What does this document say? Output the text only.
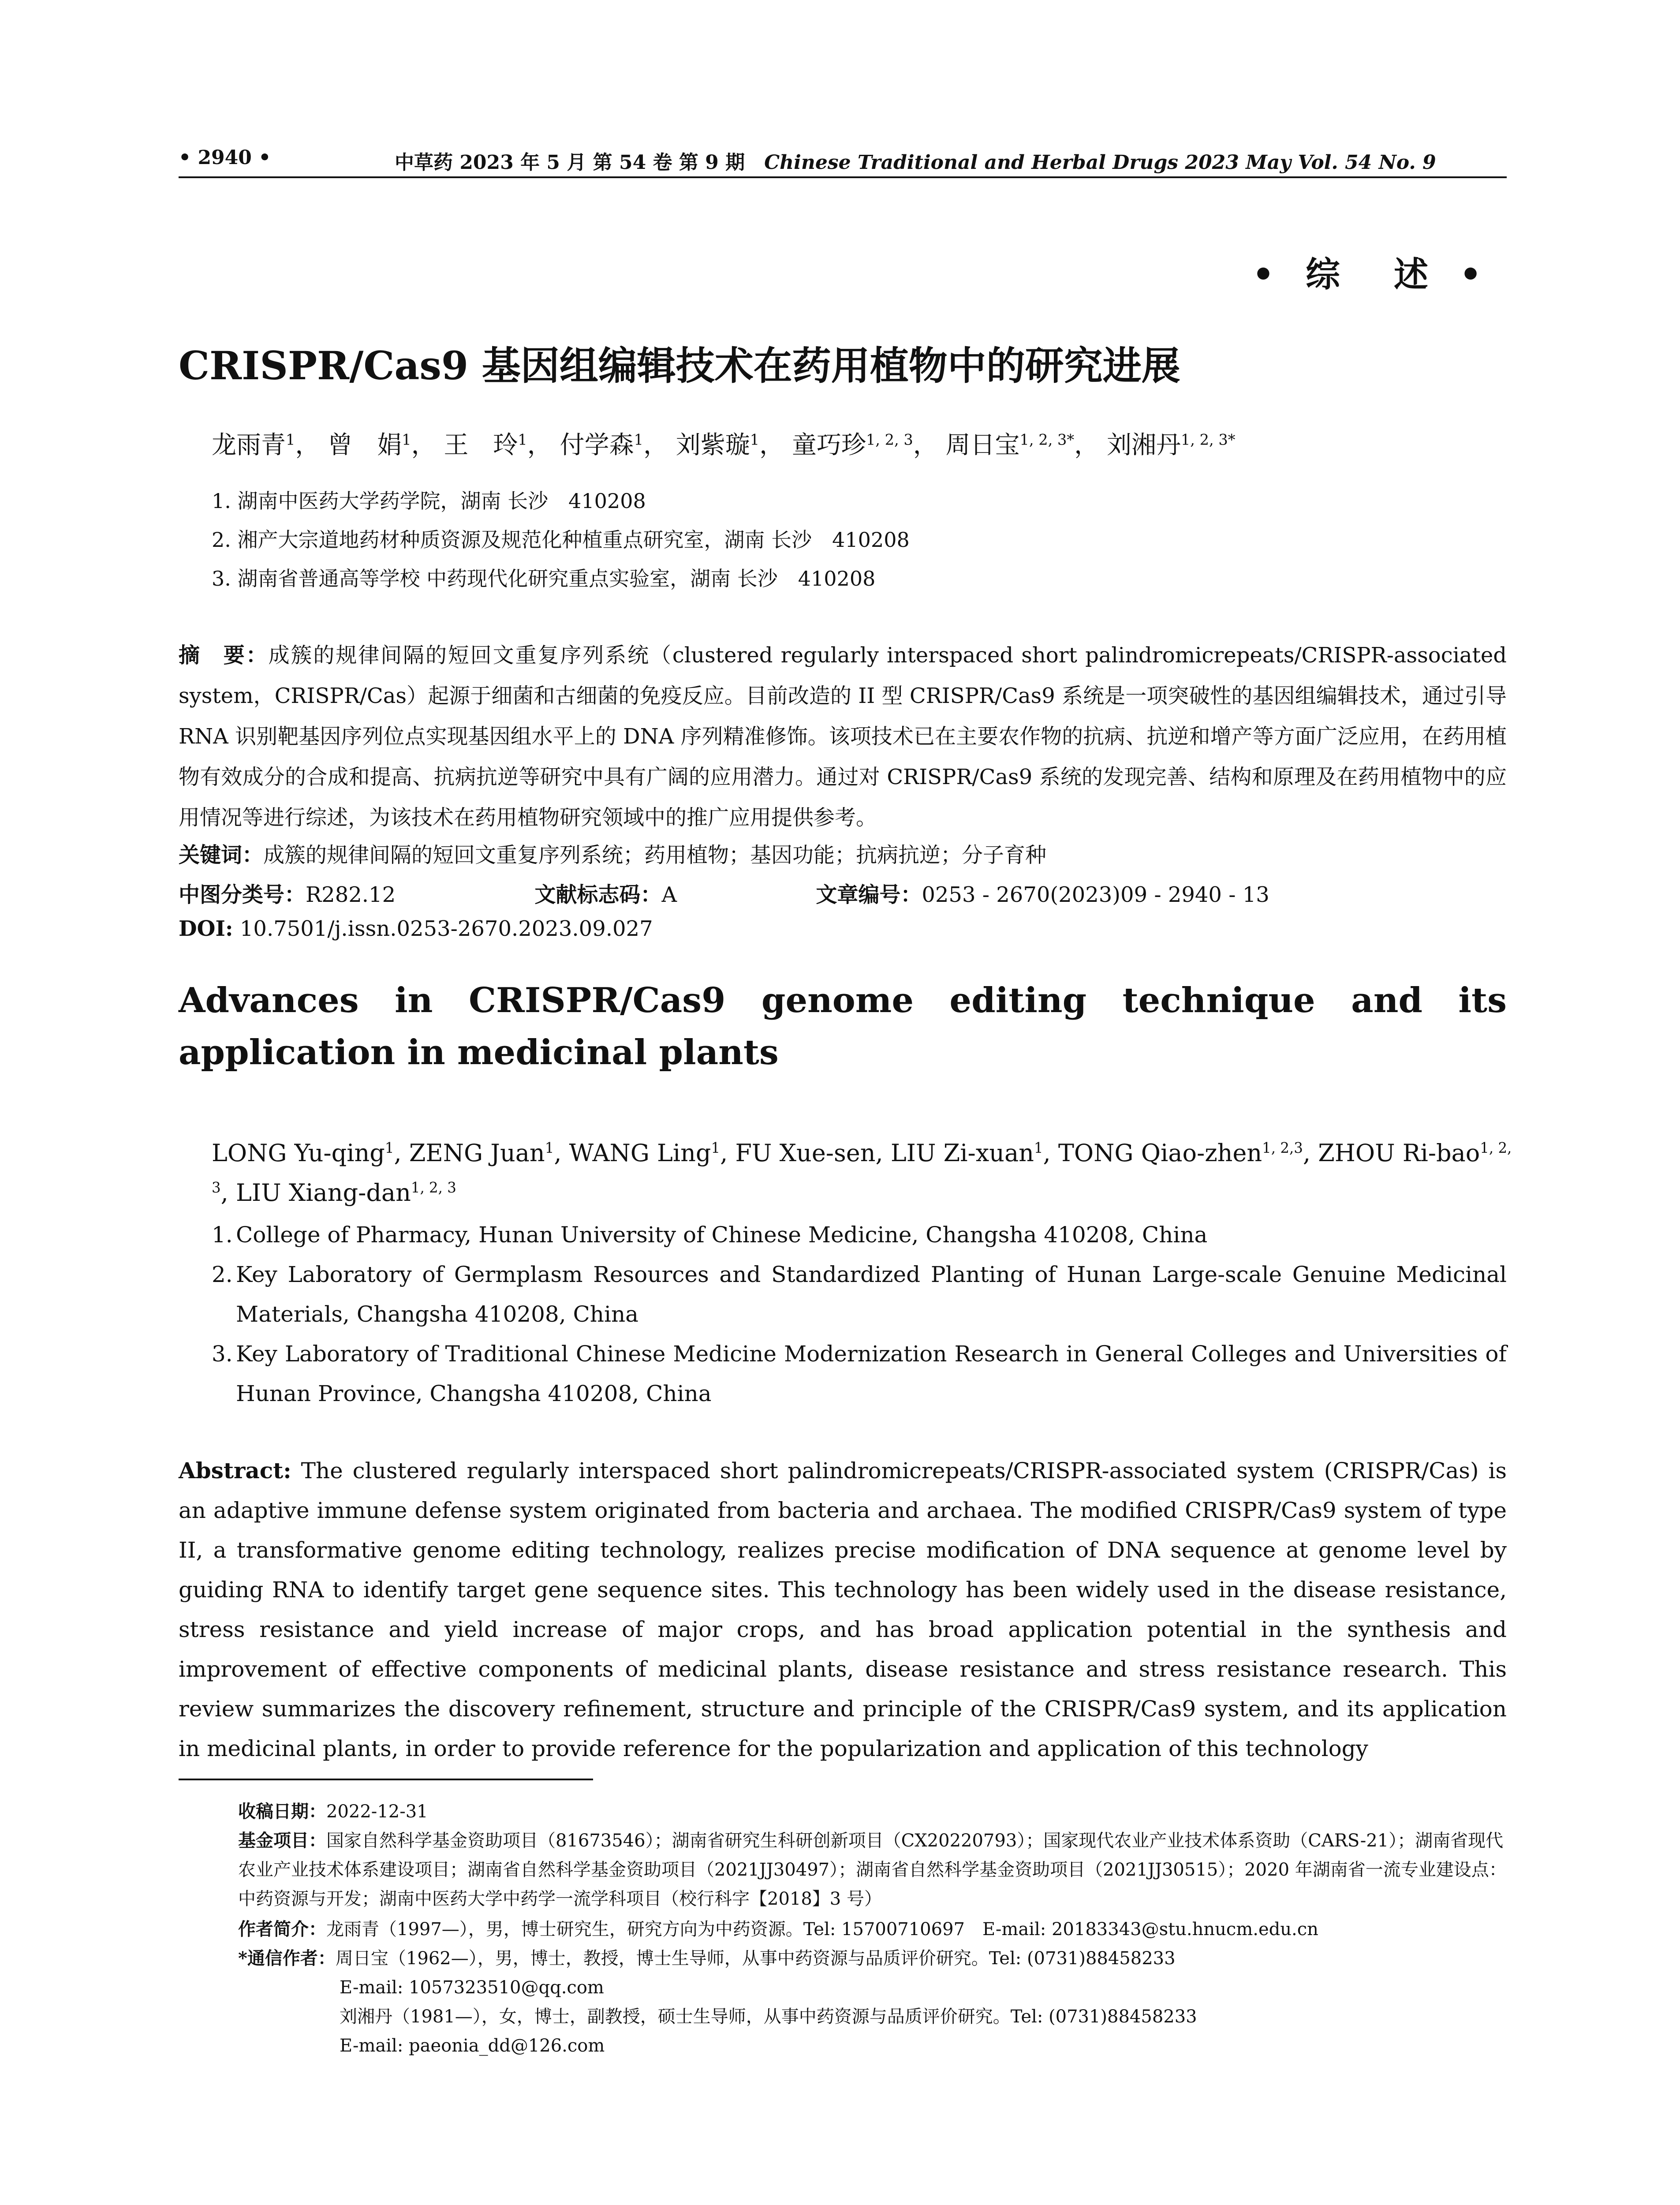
• 2940 •	中草药 2023 年 5 月 第 54 卷 第 9 期　 Chinese Traditional and Herbal Drugs 2023 May Vol. 54 No. 9
• 综　述 •
CRISPR/Cas9 基因组编辑技术在药用植物中的研究进展
龙雨青$^1$， 曾　娟$^1$， 王　玲$^1$， 付学森$^1$， 刘紫璇$^1$， 童巧珍$^{1, 2, 3}$， 周日宝$^{1, 2, 3*}$， 刘湘丹$^{1, 2, 3*}$
1. 湖南中医药大学药学院，湖南 长沙　410208
2. 湘产大宗道地药材种质资源及规范化种植重点研究室，湖南 长沙　410208
3. 湖南省普通高等学校 中药现代化研究重点实验室，湖南 长沙　410208
摘　要：成簇的规律间隔的短回文重复序列系统（clustered regularly interspaced short palindromicrepeats/CRISPR-associated system，CRISPR/Cas）起源于细菌和古细菌的免疫反应。目前改造的 II 型 CRISPR/Cas9 系统是一项突破性的基因组编辑技术，通过引导 RNA 识别靶基因序列位点实现基因组水平上的 DNA 序列精准修饰。该项技术已在主要农作物的抗病、抗逆和增产等方面广泛应用，在药用植物有效成分的合成和提高、抗病抗逆等研究中具有广阔的应用潜力。通过对 CRISPR/Cas9 系统的发现完善、结构和原理及在药用植物中的应用情况等进行综述，为该技术在药用植物研究领域中的推广应用提供参考。
关键词：成簇的规律间隔的短回文重复序列系统；药用植物；基因功能；抗病抗逆；分子育种
中图分类号：R282.12	文献标志码：A	文章编号：0253 - 2670(2023)09 - 2940 - 13
DOI: 10.7501/j.issn.0253-2670.2023.09.027
Advances in CRISPR/Cas9 genome editing technique and its application in medicinal plants
LONG Yu-qing$^1$, ZENG Juan$^1$, WANG Ling$^1$, FU Xue-sen, LIU Zi-xuan$^1$, TONG Qiao-zhen$^{1, 2,3}$, ZHOU Ri-bao$^{1, 2, 3}$, LIU Xiang-dan$^{1, 2, 3}$
1. College of Pharmacy, Hunan University of Chinese Medicine, Changsha 410208, China
2. Key Laboratory of Germplasm Resources and Standardized Planting of Hunan Large-scale Genuine Medicinal Materials, Changsha 410208, China
3. Key Laboratory of Traditional Chinese Medicine Modernization Research in General Colleges and Universities of Hunan Province, Changsha 410208, China
Abstract: The clustered regularly interspaced short palindromicrepeats/CRISPR-associated system (CRISPR/Cas) is an adaptive immune defense system originated from bacteria and archaea. The modified CRISPR/Cas9 system of type II, a transformative genome editing technology, realizes precise modification of DNA sequence at genome level by guiding RNA to identify target gene sequence sites. This technology has been widely used in the disease resistance, stress resistance and yield increase of major crops, and has broad application potential in the synthesis and improvement of effective components of medicinal plants, disease resistance and stress resistance research. This review summarizes the discovery refinement, structure and principle of the CRISPR/Cas9 system, and its application in medicinal plants, in order to provide reference for the popularization and application of this technology
收稿日期：2022-12-31
基金项目：国家自然科学基金资助项目（81673546）；湖南省研究生科研创新项目（CX20220793）；国家现代农业产业技术体系资助（CARS-21）；湖南省现代农业产业技术体系建设项目；湖南省自然科学基金资助项目（2021JJ30497）；湖南省自然科学基金资助项目（2021JJ30515）；2020 年湖南省一流专业建设点：中药资源与开发；湖南中医药大学中药学一流学科项目（校行科字【2018】3 号）
作者简介：龙雨青（1997—），男，博士研究生，研究方向为中药资源。Tel: 15700710697　E-mail: 20183343@stu.hnucm.edu.cn
*通信作者：周日宝（1962—），男，博士，教授，博士生导师，从事中药资源与品质评价研究。Tel: (0731)88458233
E-mail: 1057323510@qq.com
刘湘丹（1981—），女，博士，副教授，硕士生导师，从事中药资源与品质评价研究。Tel: (0731)88458233
E-mail: paeonia_dd@126.com
